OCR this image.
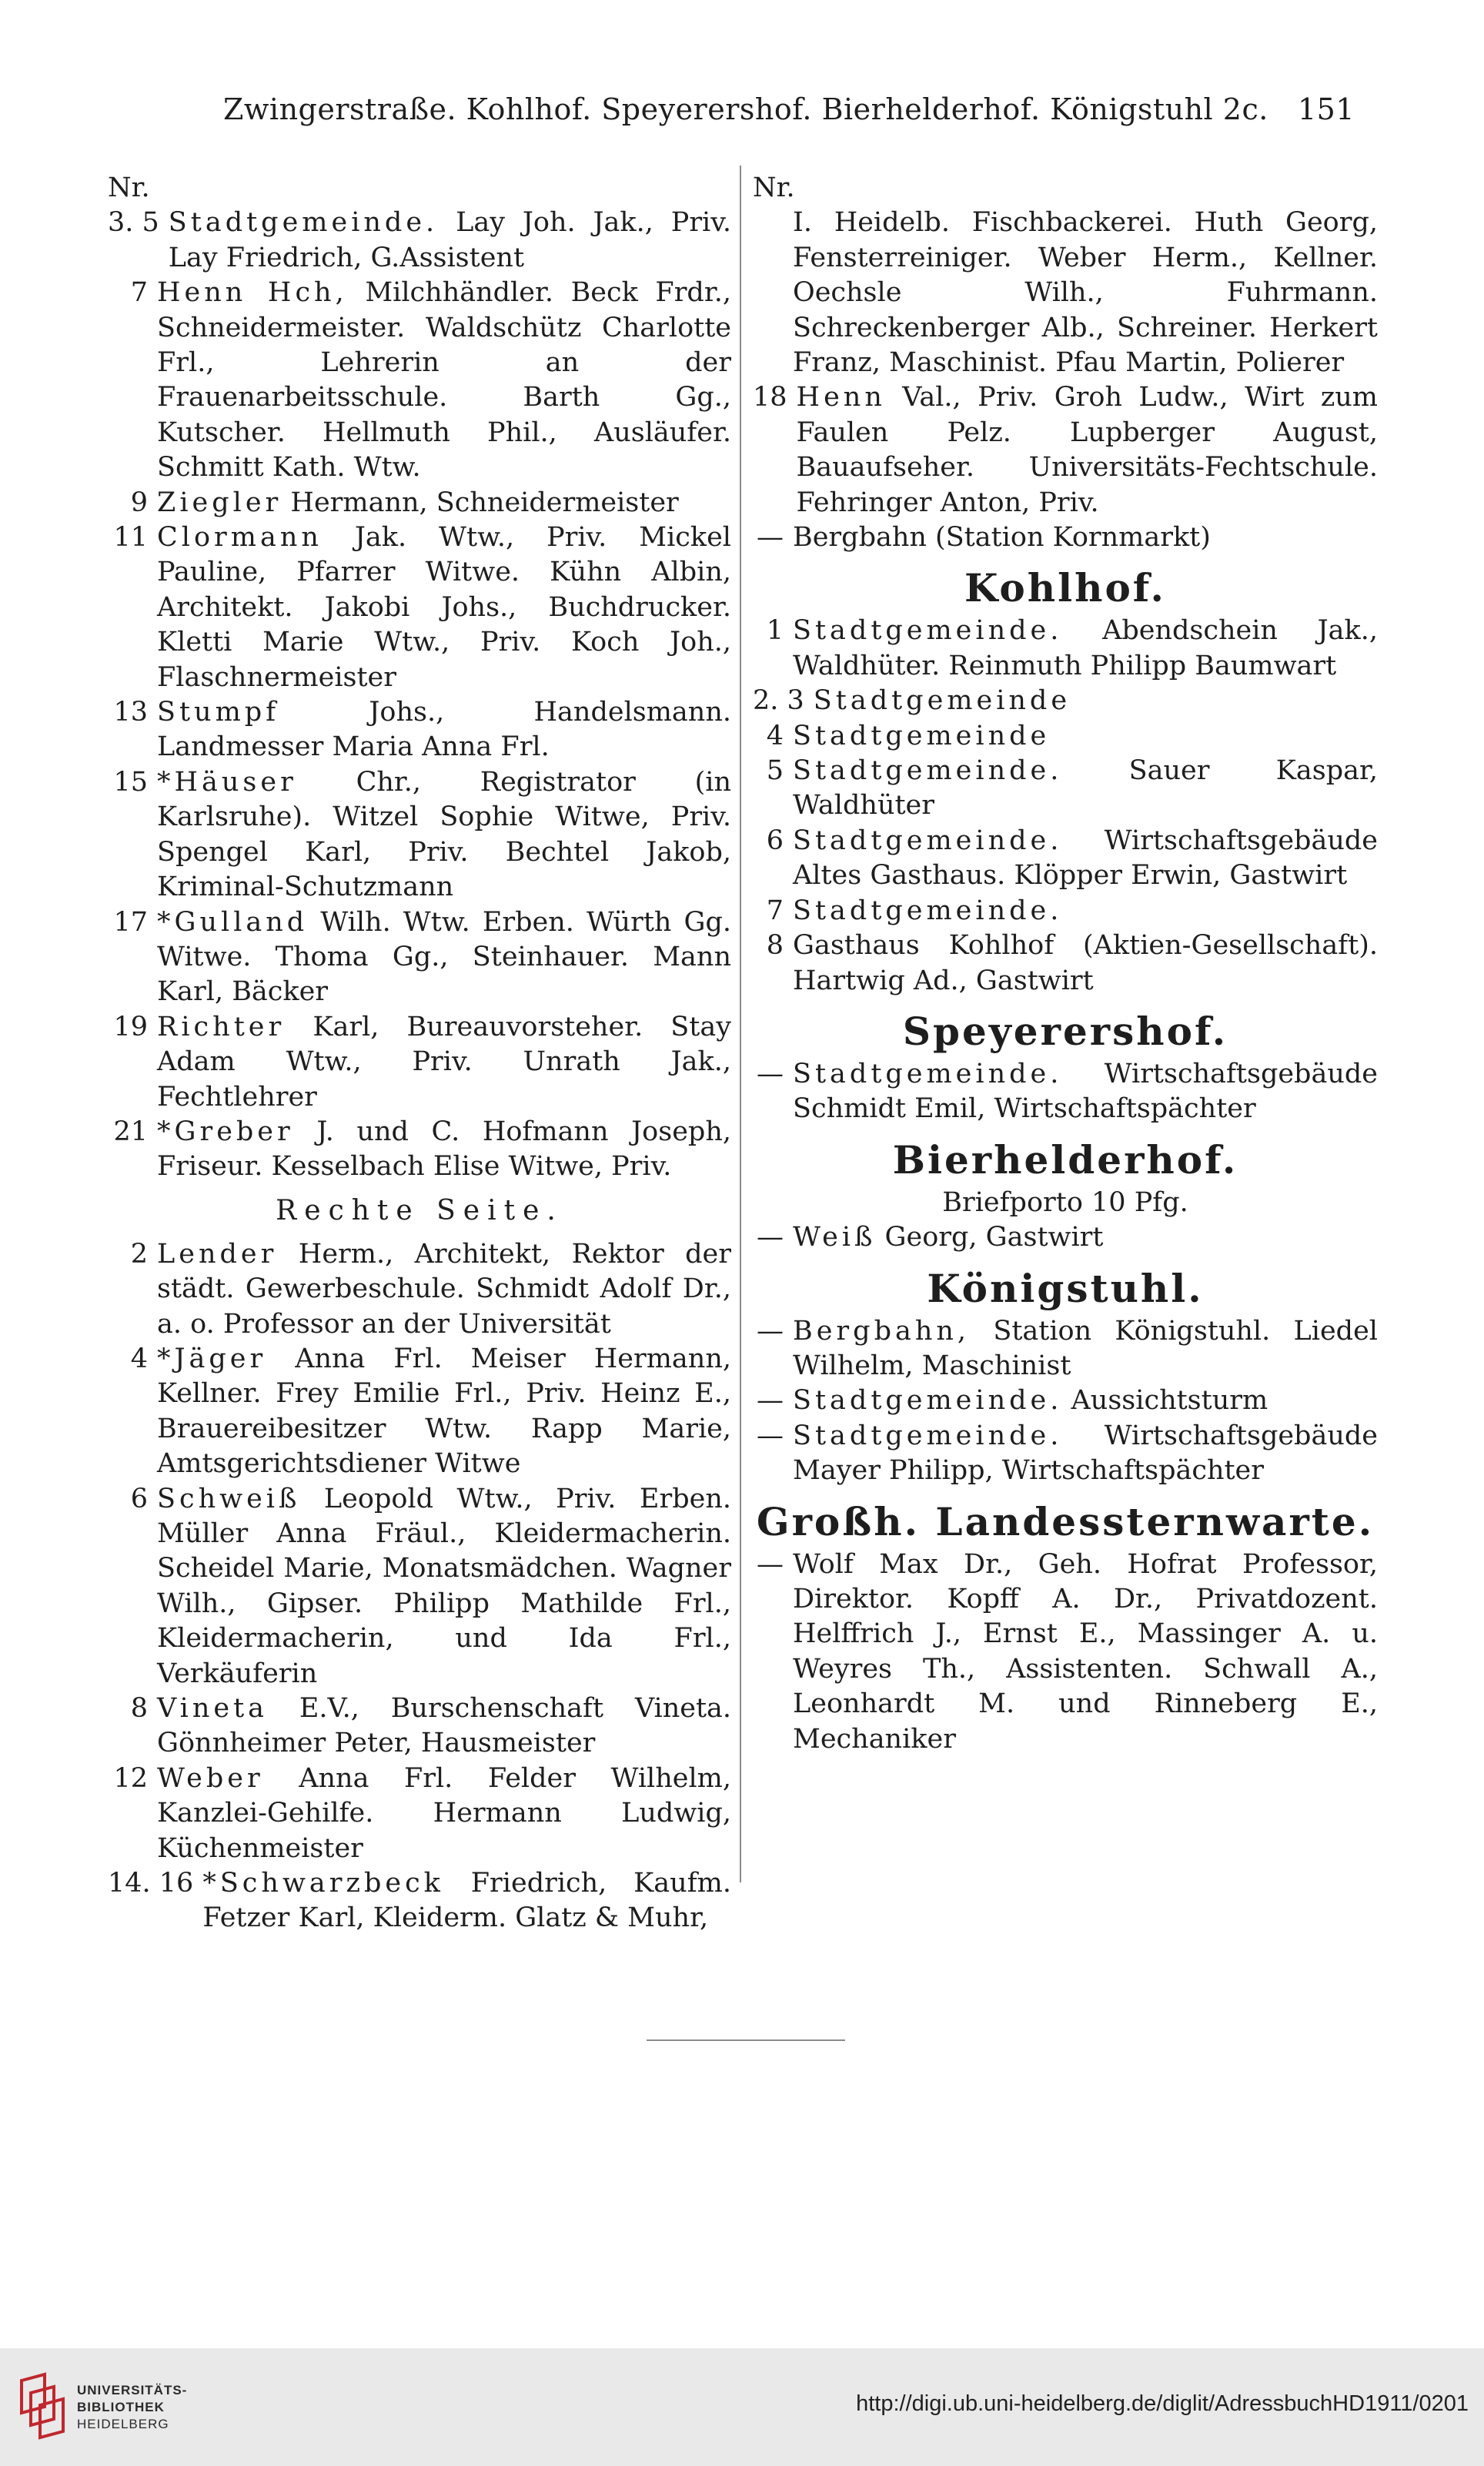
Zwingerstraße. Kohlhof. Speyerershof. Bierhelderhof. Königstuhl 2c. 151
Nr.
3. 5 Stadtgemeinde. Lay Joh. Jak., Priv. Lay Friedrich, G.Assistent
7 Henn Hch, Milchhändler. Beck Frdr., Schneidermeister. Waldschütz Charlotte Frl., Lehrerin an der Frauenarbeitsschule. Barth Gg., Kutscher. Hellmuth Phil., Ausläufer. Schmitt Kath. Wtw.
9 Ziegler Hermann, Schneidermeister
11 Clormann Jak. Wtw., Priv. Mickel Pauline, Pfarrer Witwe. Kühn Albin, Architekt. Jakobi Johs., Buchdrucker. Kletti Marie Wtw., Priv. Koch Joh., Flaschnermeister
13 Stumpf	Johs., Handelsmann. Landmesser Maria Anna Frl.
15 *Häuser Chr., Registrator (in Karlsruhe). Witzel Sophie Witwe, Priv. Spengel Karl, Priv. Bechtel Jakob, Kriminal-Schutzmann
17 *Gulland Wilh. Wtw. Erben. Würth Gg. Witwe. Thoma Gg., Steinhauer. Mann Karl, Bäcker
19 Richter Karl, Bureauvorsteher. Stay Adam Wtw., Priv. Unrath Jak., Fechtlehrer
21 *Greber J. und C. Hofmann Joseph, Friseur. Kesselbach Elise Witwe, Priv.
Rechte Seite.
2 Lender Herm., Architekt, Rektor der städt. Gewerbeschule. Schmidt Adolf Dr., a. o. Professor an der Universität
4 *Jäger Anna Frl. Meiser Hermann, Kellner. Frey Emilie Frl., Priv. Heinz E., Brauereibesitzer Wtw. Rapp Marie, Amtsgerichtsdiener Witwe
6 Schweiß Leopold Wtw., Priv. Erben. Müller Anna Fräul., Kleidermacherin. Scheidel Marie, Monatsmädchen. Wagner Wilh., Gipser. Philipp Mathilde Frl., Kleidermacherin, und Ida Frl., Verkäuferin
8 Vineta E.V., Burschenschaft Vineta. Gönnheimer Peter, Hausmeister
12 Weber Anna Frl. Felder Wilhelm, Kanzlei-Gehilfe. Hermann Ludwig, Küchenmeister
14. 16 *Schwarzbeck Friedrich, Kaufm. Fetzer Karl, Kleiderm. Glatz & Muhr,
Nr.
I. Heidelb. Fischbackerei. Huth Georg, Fensterreiniger. Weber Herm., Kellner. Oechsle Wilh., Fuhrmann. Schreckenberger Alb., Schreiner. Herkert Franz, Maschinist. Pfau Martin, Polierer
18 Henn Val., Priv. Groh Ludw., Wirt zum Faulen Pelz. Lupberger August, Bauaufseher. Universitäts-Fechtschule. Fehringer Anton, Priv.
— Bergbahn (Station Kornmarkt)
Kohlhof.
1 Stadtgemeinde. Abendschein Jak., Waldhüter. Reinmuth Philipp Baumwart
2. 3 Stadtgemeinde
4 Stadtgemeinde
5 Stadtgemeinde. Sauer Kaspar, Waldhüter
6 Stadtgemeinde. Wirtschaftsgebäude Altes Gasthaus. Klöpper Erwin, Gastwirt
7 Stadtgemeinde.
8 Gasthaus Kohlhof (Aktien-Gesellschaft). Hartwig Ad., Gastwirt
Speyerershof.
— Stadtgemeinde. Wirtschaftsgebäude Schmidt Emil, Wirtschaftspächter
Bierhelderhof.
Briefporto 10 Pfg.
— Weiß Georg, Gastwirt
Königstuhl.
— Bergbahn, Station Königstuhl. Liedel Wilhelm, Maschinist
— Stadtgemeinde. Aussichtsturm
— Stadtgemeinde. Wirtschaftsgebäude Mayer Philipp, Wirtschaftspächter
Großh. Landessternwarte.
— Wolf Max Dr., Geh. Hofrat Professor, Direktor. Kopff A. Dr., Privatdozent. Helffrich J., Ernst E., Massinger A. u. Weyres Th., Assistenten. Schwall A., Leonhardt M. und Rinneberg E., Mechaniker
UNIVERSITÄTS-
BIBLIOTHEK
HEIDELBERG
http://digi.ub.uni-heidelberg.de/diglit/AdressbuchHD1911/0201
